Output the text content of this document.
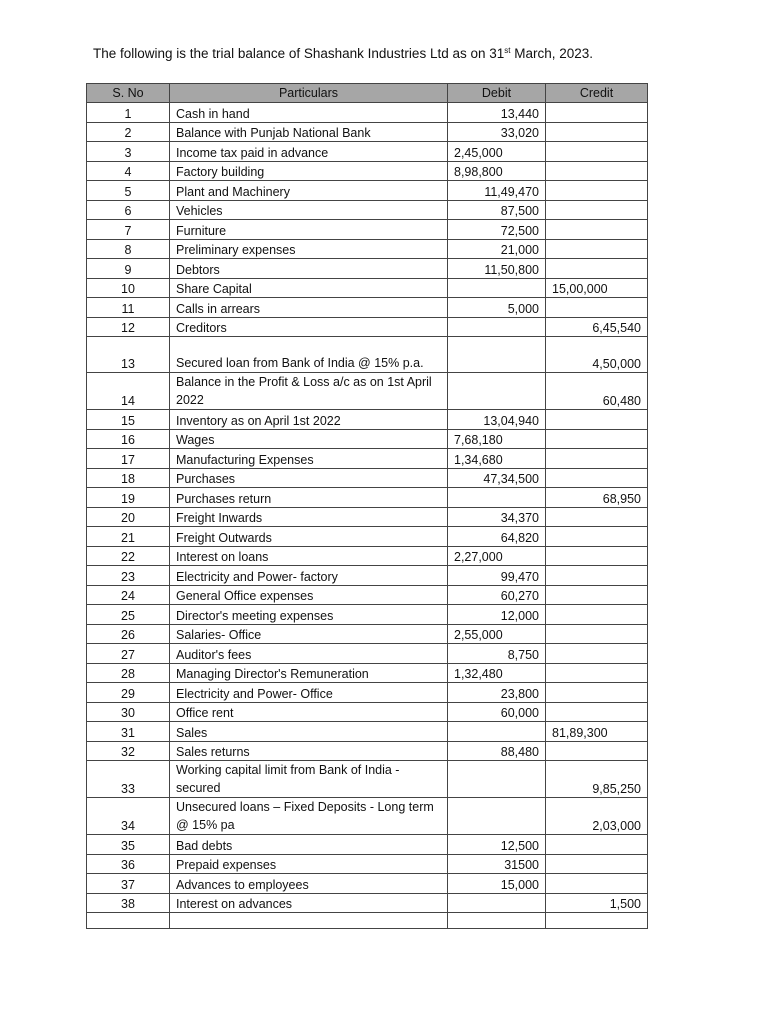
The following is the trial balance of Shashank Industries Ltd as on 31st March, 2023.
S. No	Particulars	Debit	Credit
1	Cash in hand	13,440	
2	Balance with Punjab National Bank	33,020	
3	Income tax paid in advance	2,45,000	
4	Factory building	8,98,800	
5	Plant and Machinery	11,49,470	
6	Vehicles	87,500	
7	Furniture	72,500	
8	Preliminary expenses	21,000	
9	Debtors	11,50,800	
10	Share Capital		15,00,000
11	Calls in arrears	5,000	
12	Creditors		6,45,540
13	Secured loan from Bank of India @ 15% p.a.		4,50,000
14	Balance in the Profit & Loss a/c as on 1st April 2022		60,480
15	Inventory as on April 1st 2022	13,04,940	
16	Wages	7,68,180	
17	Manufacturing Expenses	1,34,680	
18	Purchases	47,34,500	
19	Purchases return		68,950
20	Freight Inwards	34,370	
21	Freight Outwards	64,820	
22	Interest on loans	2,27,000	
23	Electricity and Power- factory	99,470	
24	General Office expenses	60,270	
25	Director's meeting expenses	12,000	
26	Salaries- Office	2,55,000	
27	Auditor's fees	8,750	
28	Managing Director's Remuneration	1,32,480	
29	Electricity and Power- Office	23,800	
30	Office rent	60,000	
31	Sales		81,89,300
32	Sales returns	88,480	
33	Working capital limit from Bank of India - secured		9,85,250
34	Unsecured loans – Fixed Deposits - Long term @ 15% pa		2,03,000
35	Bad debts	12,500	
36	Prepaid expenses	31500	
37	Advances to employees	15,000	
38	Interest on advances		1,500
